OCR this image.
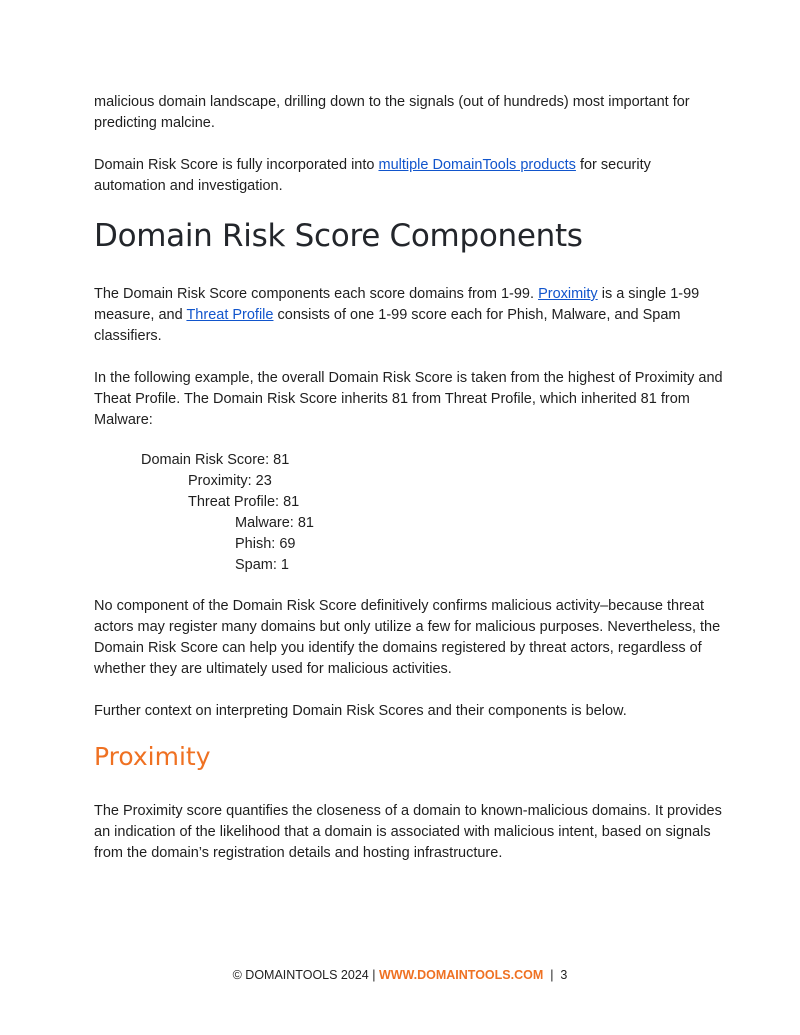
malicious domain landscape, drilling down to the signals (out of hundreds) most important for predicting malcine.

Domain Risk Score is fully incorporated into multiple DomainTools products for security automation and investigation.

Domain Risk Score Components

The Domain Risk Score components each score domains from 1-99. Proximity is a single 1-99 measure, and Threat Profile consists of one 1-99 score each for Phish, Malware, and Spam classifiers.

In the following example, the overall Domain Risk Score is taken from the highest of Proximity and Theat Profile. The Domain Risk Score inherits 81 from Threat Profile, which inherited 81 from Malware:

Domain Risk Score: 81
Proximity: 23
Threat Profile: 81
Malware: 81
Phish: 69
Spam: 1

No component of the Domain Risk Score definitively confirms malicious activity–because threat actors may register many domains but only utilize a few for malicious purposes. Nevertheless, the Domain Risk Score can help you identify the domains registered by threat actors, regardless of whether they are ultimately used for malicious activities.

Further context on interpreting Domain Risk Scores and their components is below.

Proximity

The Proximity score quantifies the closeness of a domain to known-malicious domains. It provides an indication of the likelihood that a domain is associated with malicious intent, based on signals from the domain’s registration details and hosting infrastructure.

© DOMAINTOOLS 2024 | WWW.DOMAINTOOLS.COM  |  3
